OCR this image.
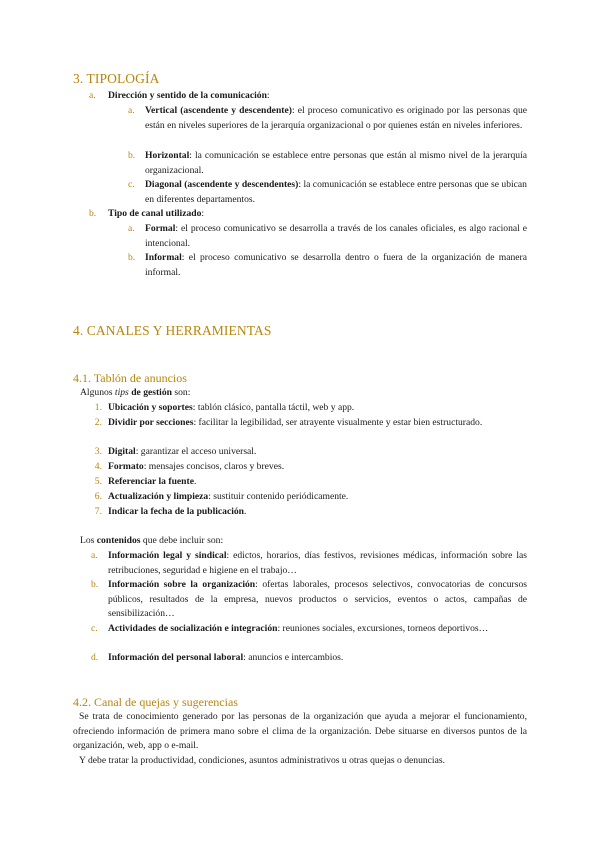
3. TIPOLOGÍA
a. Dirección y sentido de la comunicación:
a. Vertical (ascendente y descendente): el proceso comunicativo es originado por las personas que están en niveles superiores de la jerarquía organizacional o por quienes están en niveles inferiores.
b. Horizontal: la comunicación se establece entre personas que están al mismo nivel de la jerarquía organizacional.
c. Diagonal (ascendente y descendentes): la comunicación se establece entre personas que se ubican en diferentes departamentos.
b. Tipo de canal utilizado:
a. Formal: el proceso comunicativo se desarrolla a través de los canales oficiales, es algo racional e intencional.
b. Informal: el proceso comunicativo se desarrolla dentro o fuera de la organización de manera informal.
4. CANALES Y HERRAMIENTAS
4.1. Tablón de anuncios
Algunos tips de gestión son:
1. Ubicación y soportes: tablón clásico, pantalla táctil, web y app.
2. Dividir por secciones: facilitar la legibilidad, ser atrayente visualmente y estar bien estructurado.
3. Digital: garantizar el acceso universal.
4. Formato: mensajes concisos, claros y breves.
5. Referenciar la fuente.
6. Actualización y limpieza: sustituir contenido periódicamente.
7. Indicar la fecha de la publicación.
Los contenidos que debe incluir son:
a. Información legal y sindical: edictos, horarios, días festivos, revisiones médicas, información sobre las retribuciones, seguridad e higiene en el trabajo…
b. Información sobre la organización: ofertas laborales, procesos selectivos, convocatorias de concursos públicos, resultados de la empresa, nuevos productos o servicios, eventos o actos, campañas de sensibilización…
c. Actividades de socialización e integración: reuniones sociales, excursiones, torneos deportivos…
d. Información del personal laboral: anuncios e intercambios.
4.2. Canal de quejas y sugerencias
Se trata de conocimiento generado por las personas de la organización que ayuda a mejorar el funcionamiento, ofreciendo información de primera mano sobre el clima de la organización. Debe situarse en diversos puntos de la organización, web, app o e-mail.
Y debe tratar la productividad, condiciones, asuntos administrativos u otras quejas o denuncias.
